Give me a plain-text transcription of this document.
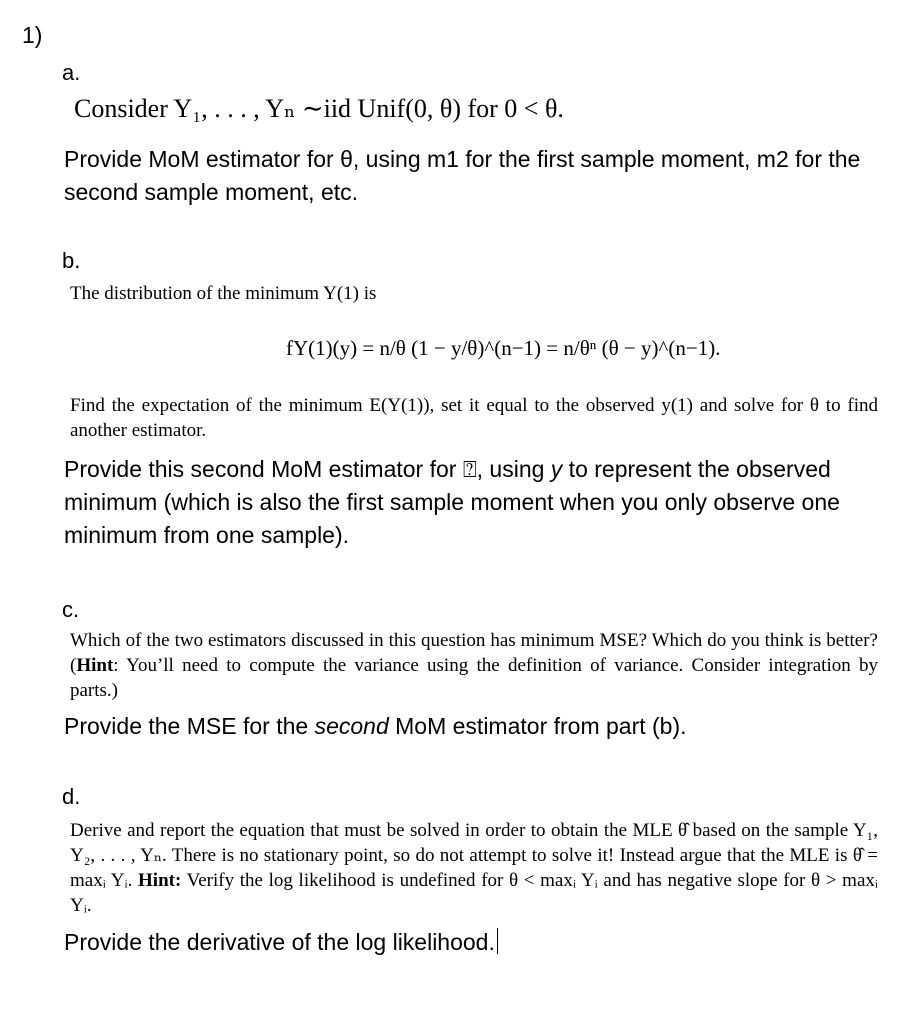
1)
a.
Consider Y₁, . . . , Yₙ ∼iid Unif(0, θ) for 0 < θ.
Provide MoM estimator for θ, using m1 for the first sample moment, m2 for the second sample moment, etc.
b.
The distribution of the minimum Y(1) is
fY(1)(y) = n/θ (1 − y/θ)^(n−1) = n/θⁿ (θ − y)^(n−1).
Find the expectation of the minimum E(Y(1)), set it equal to the observed y(1) and solve for θ to find another estimator.
Provide this second MoM estimator for ⍰, using y to represent the observed minimum (which is also the first sample moment when you only observe one minimum from one sample).
c.
Which of the two estimators discussed in this question has minimum MSE? Which do you think is better? (Hint: You’ll need to compute the variance using the definition of variance. Consider integration by parts.)
Provide the MSE for the second MoM estimator from part (b).
d.
Derive and report the equation that must be solved in order to obtain the MLE θ̂ based on the sample Y₁, Y₂, . . . , Yₙ. There is no stationary point, so do not attempt to solve it! Instead argue that the MLE is θ̂ = maxᵢ Yᵢ. Hint: Verify the log likelihood is undefined for θ < maxᵢ Yᵢ and has negative slope for θ > maxᵢ Yᵢ.
Provide the derivative of the log likelihood.
